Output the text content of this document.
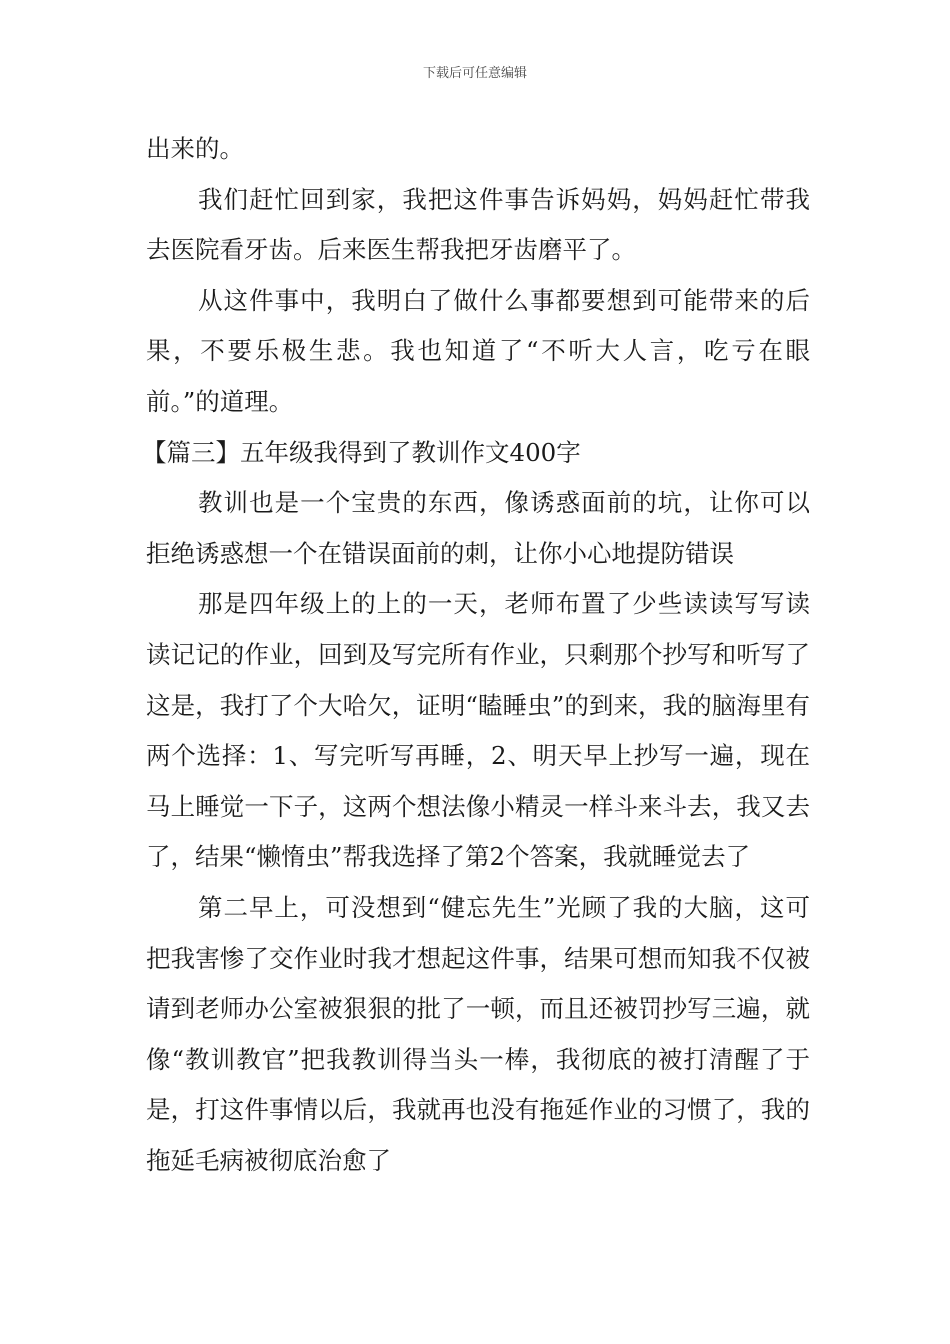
下载后可任意编辑

出来的。

我们赶忙回到家，我把这件事告诉妈妈，妈妈赶忙带我去医院看牙齿。后来医生帮我把牙齿磨平了。

从这件事中，我明白了做什么事都要想到可能带来的后果，不要乐极生悲。我也知道了“不听大人言，吃亏在眼前。”的道理。

【篇三】五年级我得到了教训作文400字

教训也是一个宝贵的东西，像诱惑面前的坑，让你可以拒绝诱惑想一个在错误面前的刺，让你小心地提防错误

那是四年级上的上的一天，老师布置了少些读读写写读读记记的作业，回到及写完所有作业，只剩那个抄写和听写了这是，我打了个大哈欠，证明“瞌睡虫”的到来，我的脑海里有两个选择：1、写完听写再睡，2、明天早上抄写一遍，现在马上睡觉一下子，这两个想法像小精灵一样斗来斗去，我又去了，结果“懒惰虫”帮我选择了第2个答案，我就睡觉去了

第二早上，可没想到“健忘先生”光顾了我的大脑，这可把我害惨了交作业时我才想起这件事，结果可想而知我不仅被请到老师办公室被狠狠的批了一顿，而且还被罚抄写三遍，就像“教训教官”把我教训得当头一棒，我彻底的被打清醒了于是，打这件事情以后，我就再也没有拖延作业的习惯了，我的拖延毛病被彻底治愈了
